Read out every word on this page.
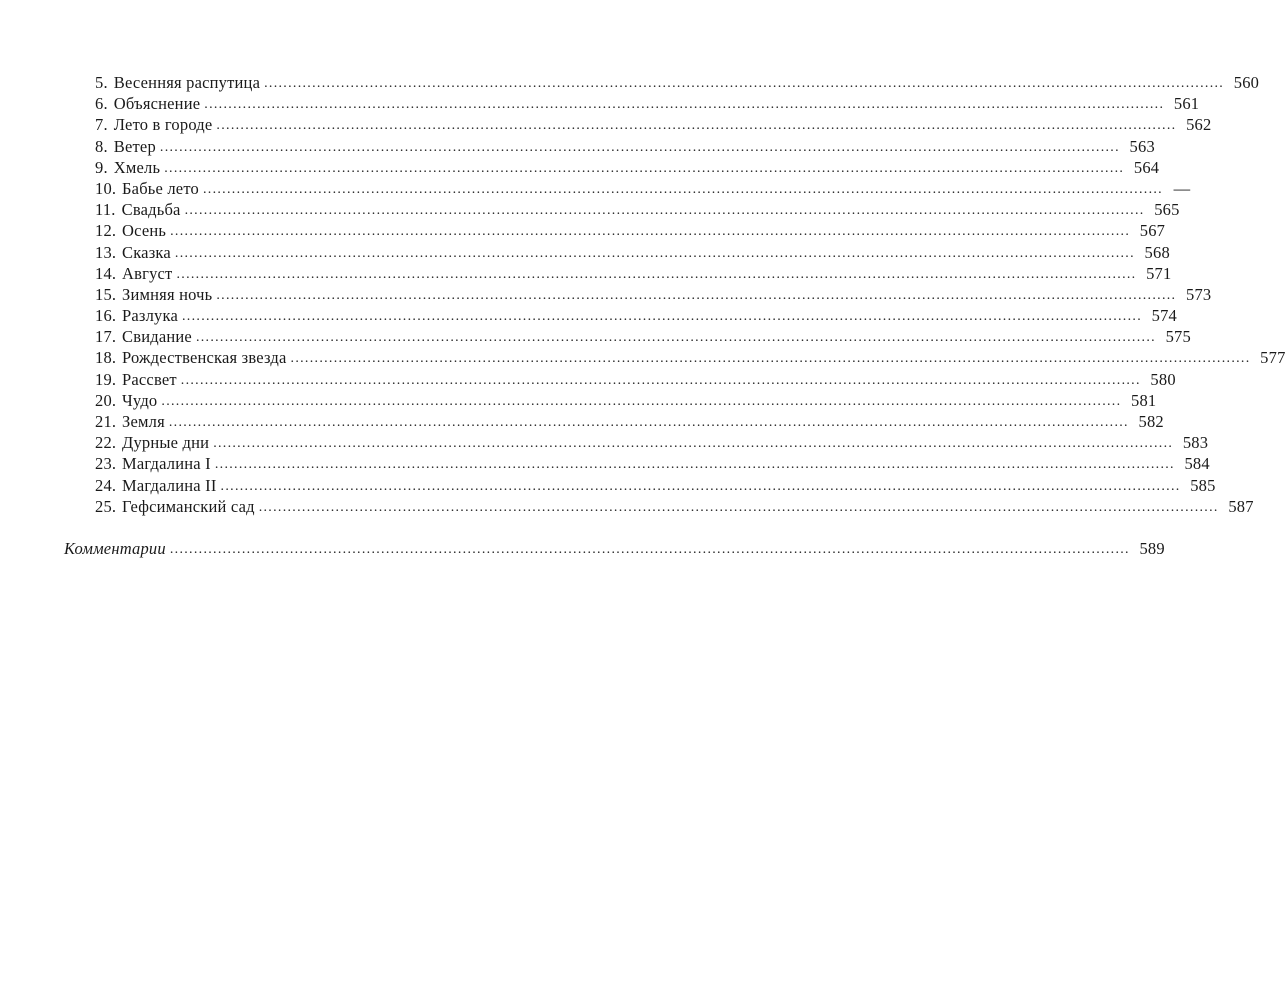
5. Весенняя распутица ........................................................................................................................................................................................................ 560
6. Объяснение ........................................................................................................................................................................................................ 561
7. Лето в городе ........................................................................................................................................................................................................ 562
8. Ветер ........................................................................................................................................................................................................ 563
9. Хмель ........................................................................................................................................................................................................ 564
10. Бабье лето ........................................................................................................................................................................................................ —
11. Свадьба ........................................................................................................................................................................................................ 565
12. Осень ........................................................................................................................................................................................................ 567
13. Сказка ........................................................................................................................................................................................................ 568
14. Август ........................................................................................................................................................................................................ 571
15. Зимняя ночь ........................................................................................................................................................................................................ 573
16. Разлука ........................................................................................................................................................................................................ 574
17. Свидание ........................................................................................................................................................................................................ 575
18. Рождественская звезда ........................................................................................................................................................................................................ 577
19. Рассвет ........................................................................................................................................................................................................ 580
20. Чудо ........................................................................................................................................................................................................ 581
21. Земля ........................................................................................................................................................................................................ 582
22. Дурные дни ........................................................................................................................................................................................................ 583
23. Магдалина I ........................................................................................................................................................................................................ 584
24. Магдалина II ........................................................................................................................................................................................................ 585
25. Гефсиманский сад ........................................................................................................................................................................................................ 587
Комментарии ........................................................................................................................................................................................................ 589
